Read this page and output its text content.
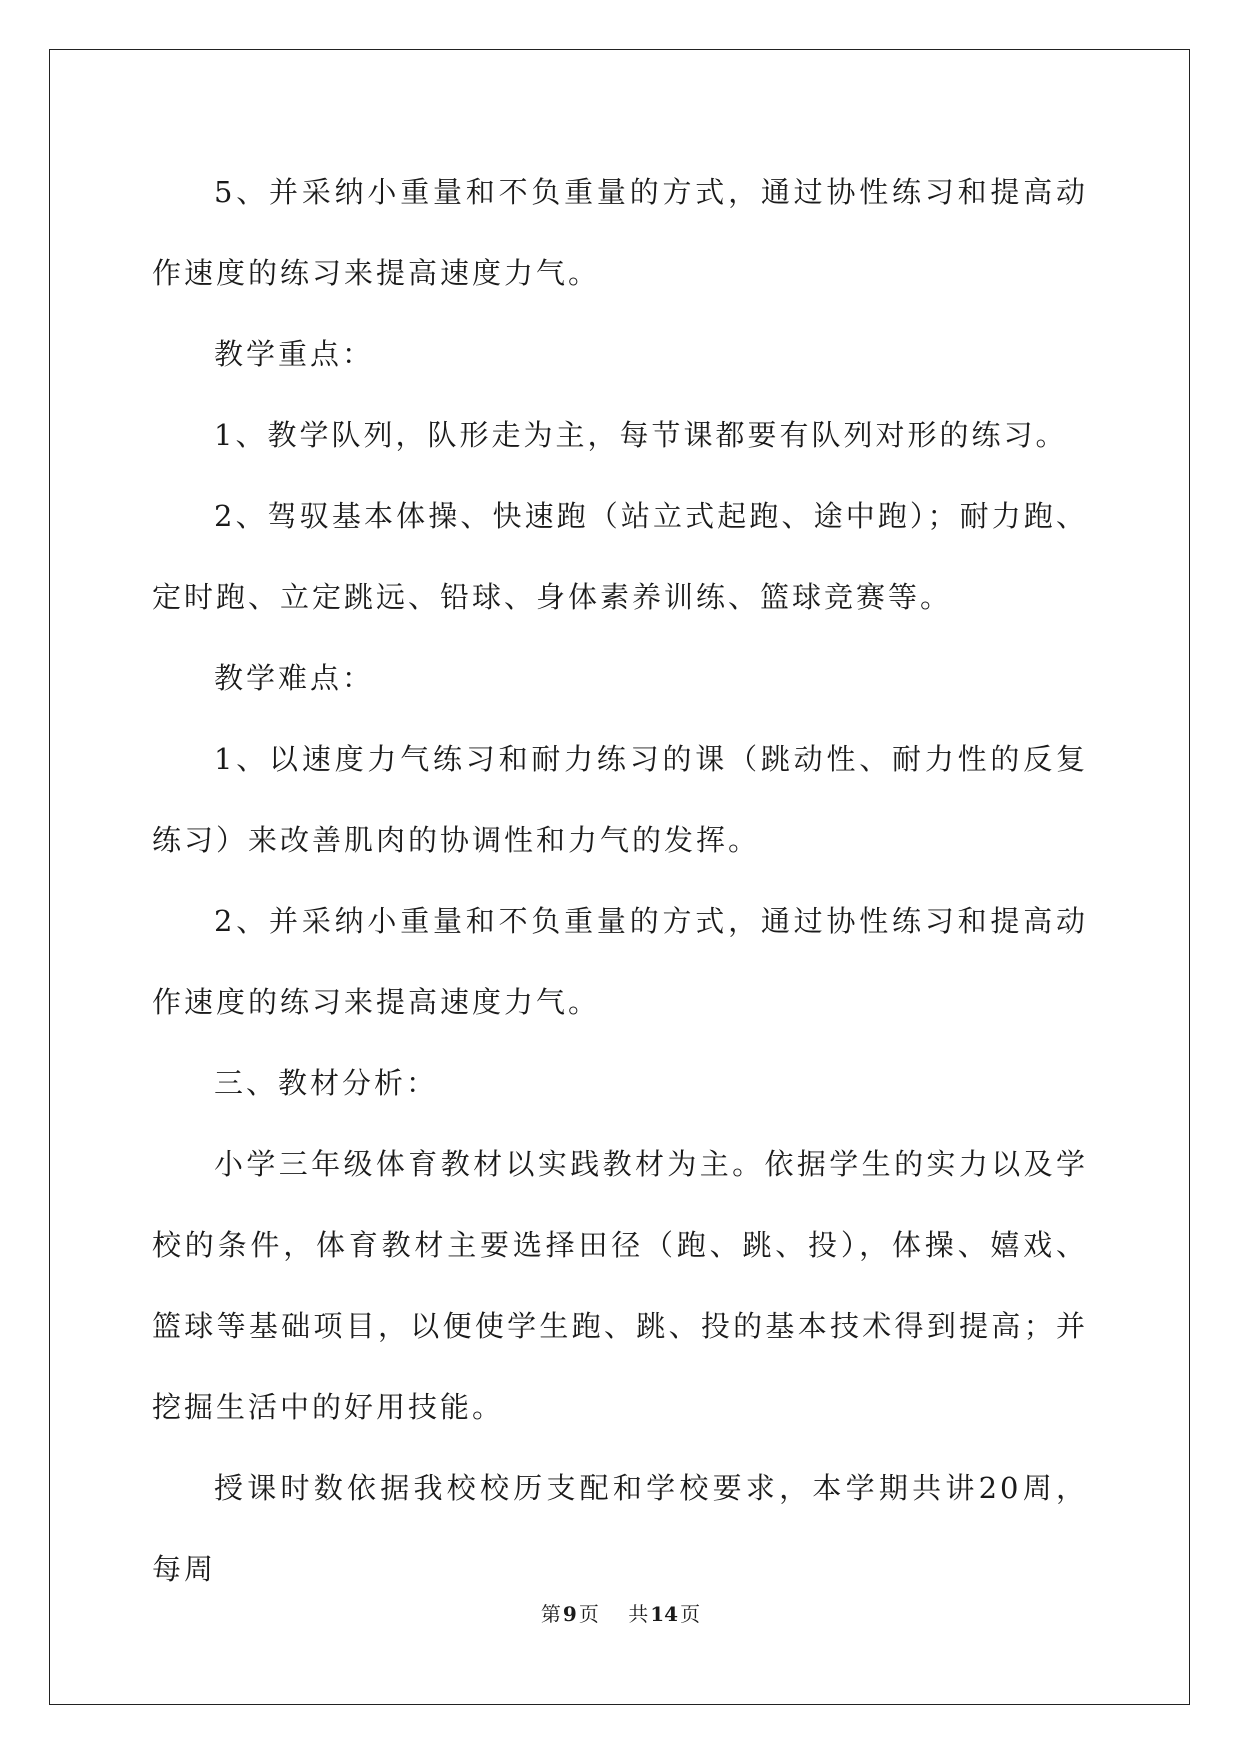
5、并采纳小重量和不负重量的方式，通过协性练习和提高动作速度的练习来提高速度力气。

教学重点：

1、教学队列，队形走为主，每节课都要有队列对形的练习。

2、驾驭基本体操、快速跑（站立式起跑、途中跑）；耐力跑、定时跑、立定跳远、铅球、身体素养训练、篮球竞赛等。

教学难点：

1、以速度力气练习和耐力练习的课（跳动性、耐力性的反复练习）来改善肌肉的协调性和力气的发挥。

2、并采纳小重量和不负重量的方式，通过协性练习和提高动作速度的练习来提高速度力气。

三、教材分析：

小学三年级体育教材以实践教材为主。依据学生的实力以及学校的条件，体育教材主要选择田径（跑、跳、投），体操、嬉戏、篮球等基础项目，以便使学生跑、跳、投的基本技术得到提高；并挖掘生活中的好用技能。

授课时数依据我校校历支配和学校要求，本学期共讲20周，每周

第 9 页 共 14 页
